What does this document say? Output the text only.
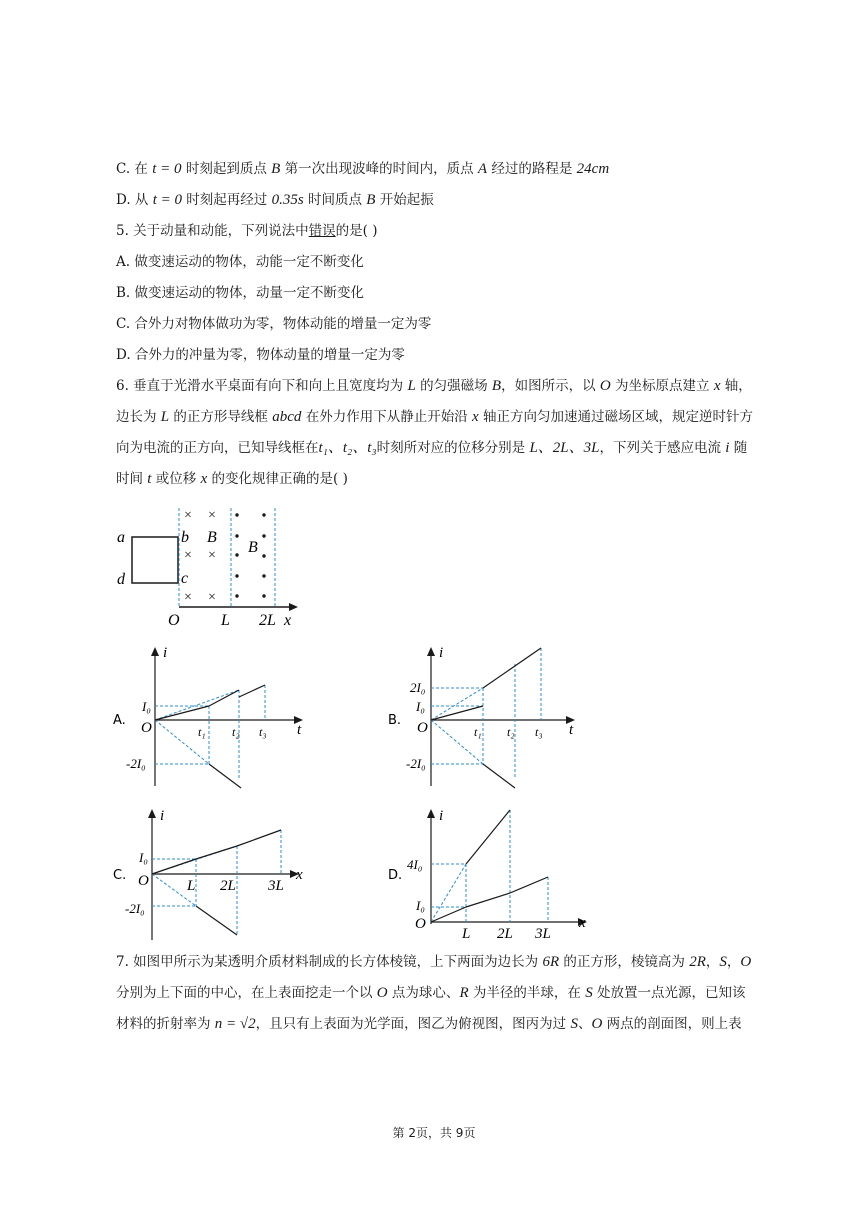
C. 在 t = 0 时刻起到质点 B 第一次出现波峰的时间内，质点 A 经过的路程是 24cm
D. 从 t = 0 时刻起再经过 0.35s 时间质点 B 开始起振
5. 关于动量和动能，下列说法中错误的是( )
A. 做变速运动的物体，动能一定不断变化
B. 做变速运动的物体，动量一定不断变化
C. 合外力对物体做功为零，物体动能的增量一定为零
D. 合外力的冲量为零，物体动量的增量一定为零
6. 垂直于光滑水平桌面有向下和向上且宽度均为 L 的匀强磁场 B，如图所示，以 O 为坐标原点建立 x 轴，
边长为 L 的正方形导线框 abcd 在外力作用下从静止开始沿 x 轴正方向匀加速通过磁场区域，规定逆时针方
向为电流的正方向，已知导线框在t₁、t₂、t₃时刻所对应的位移分别是 L、2L、3L，下列关于感应电流 i 随
时间 t 或位移 x 的变化规律正确的是( )
a
d
b
c
× ×
× ×
× ×
B
B
O	L 2L x
A.
i
t
O
I₀
-2I₀
t₁ t₂ t₃
B.
i
t
O
I₀
2I₀
-2I₀
t₁ t₂ t₃
C.
i
x
O
I₀
-2I₀
L 2L 3L
D.
i
x
O
I₀
4I₀
L 2L 3L
7. 如图甲所示为某透明介质材料制成的长方体棱镜，上下两面为边长为 6R 的正方形，棱镜高为 2R，S，O
分别为上下面的中心，在上表面挖走一个以 O 点为球心、R 为半径的半球，在 S 处放置一点光源，已知该
材料的折射率为 n = √2，且只有上表面为光学面，图乙为俯视图，图丙为过 S、O 两点的剖面图，则上表
第 2页，共 9页
